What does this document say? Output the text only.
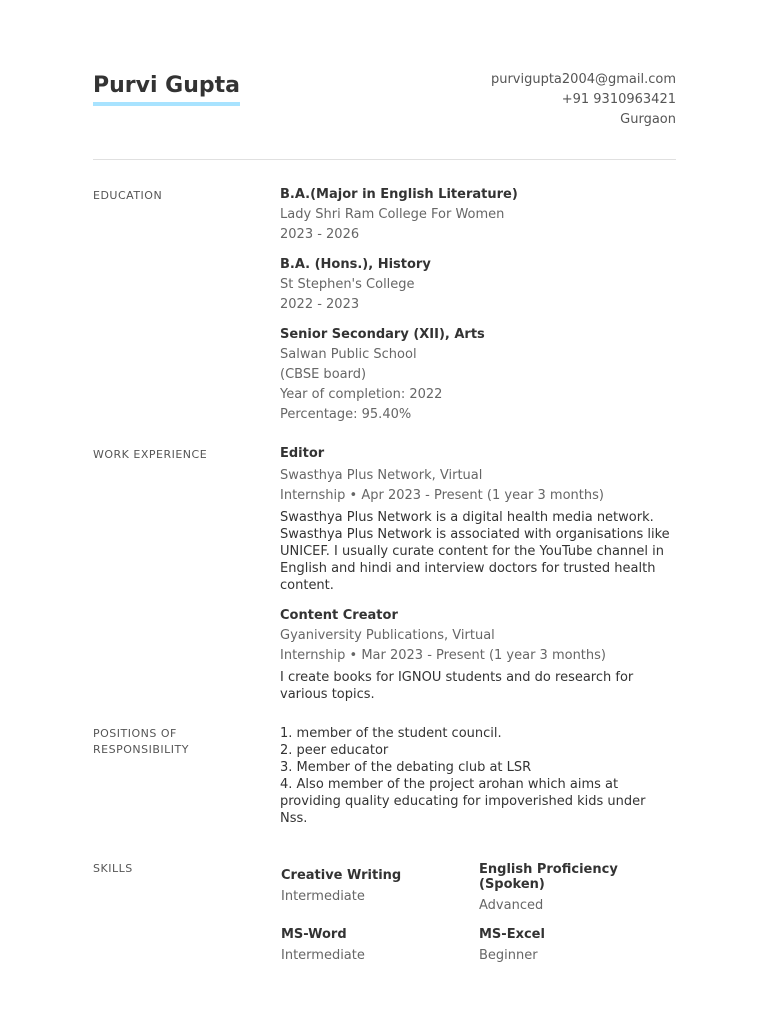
Purvi Gupta	purvigupta2004@gmail.com
+91 9310963421
Gurgaon
EDUCATION	B.A.(Major in English Literature)
Lady Shri Ram College For Women
2023 - 2026
B.A. (Hons.), History
St Stephen's College
2022 - 2023
Senior Secondary (XII), Arts
Salwan Public School
(CBSE board)
Year of completion: 2022
Percentage: 95.40%
WORK EXPERIENCE	Editor
Swasthya Plus Network, Virtual
Internship • Apr 2023 - Present (1 year 3 months)
Swasthya Plus Network is a digital health media network. Swasthya Plus Network is associated with organisations like UNICEF. I usually curate content for the YouTube channel in English and hindi and interview doctors for trusted health content.
Content Creator
Gyaniversity Publications, Virtual
Internship • Mar 2023 - Present (1 year 3 months)
I create books for IGNOU students and do research for various topics.
POSITIONS OF RESPONSIBILITY
1. member of the student council.
2. peer educator
3. Member of the debating club at LSR
4. Also member of the project arohan which aims at providing quality educating for impoverished kids under Nss.
SKILLS	Creative Writing
Intermediate
English Proficiency (Spoken)
Advanced
MS-Word
Intermediate
MS-Excel
Beginner
